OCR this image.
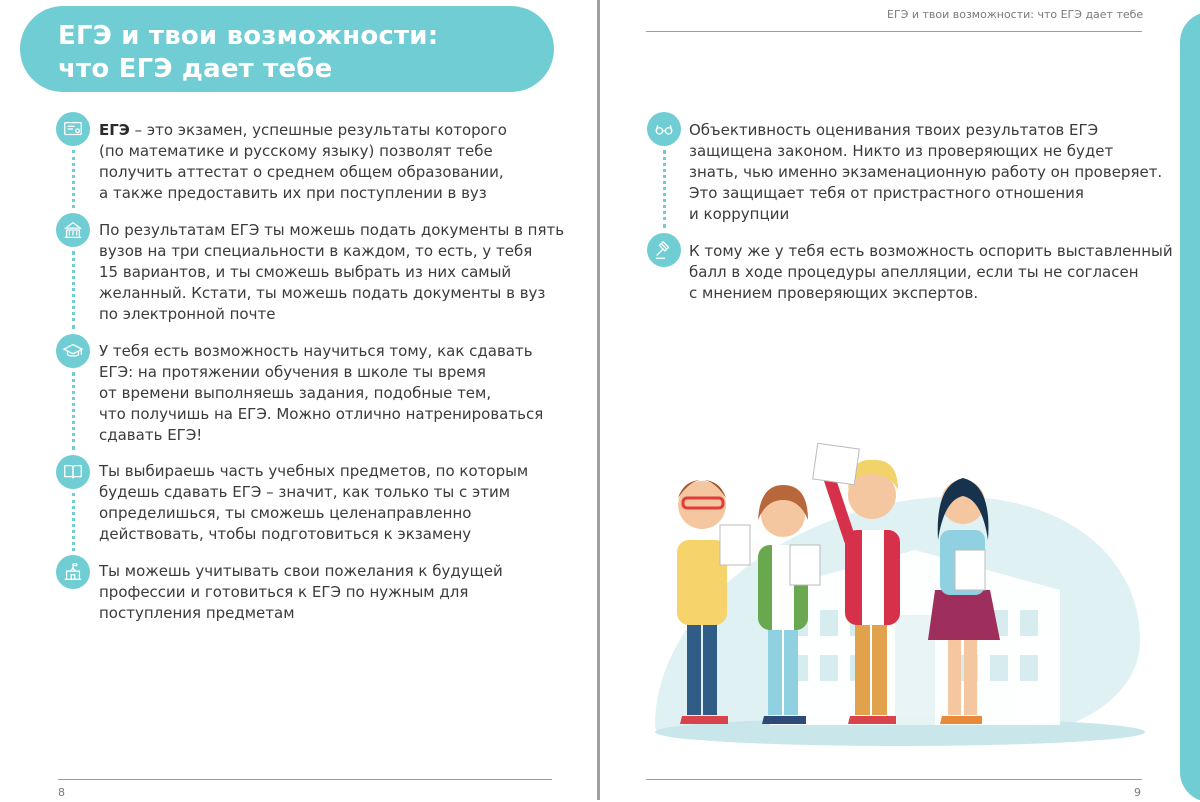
ЕГЭ и твои возможности:
что ЕГЭ дает тебе
ЕГЭ – это экзамен, успешные результаты которого
(по математике и русскому языку) позволят тебе
получить аттестат о среднем общем образовании,
а также предоставить их при поступлении в вуз
По результатам ЕГЭ ты можешь подать документы в пять
вузов на три специальности в каждом, то есть, у тебя
15 вариантов, и ты сможешь выбрать из них самый
желанный. Кстати, ты можешь подать документы в вуз
по электронной почте
У тебя есть возможность научиться тому, как сдавать
ЕГЭ: на протяжении обучения в школе ты время
от времени выполняешь задания, подобные тем,
что получишь на ЕГЭ. Можно отлично натренироваться
сдавать ЕГЭ!
Ты выбираешь часть учебных предметов, по которым
будешь сдавать ЕГЭ – значит, как только ты с этим
определишься, ты сможешь целенаправленно
действовать, чтобы подготовиться к экзамену
Ты можешь учитывать свои пожелания к будущей
профессии и готовиться к ЕГЭ по нужным для
поступления предметам
8
ЕГЭ и твои возможности: что ЕГЭ дает тебе
Объективность оценивания твоих результатов ЕГЭ
защищена законом. Никто из проверяющих не будет
знать, чью именно экзаменационную работу он проверяет.
Это защищает тебя от пристрастного отношения
и коррупции
К тому же у тебя есть возможность оспорить выставленный
балл в ходе процедуры апелляции, если ты не согласен
с мнением проверяющих экспертов.
9
